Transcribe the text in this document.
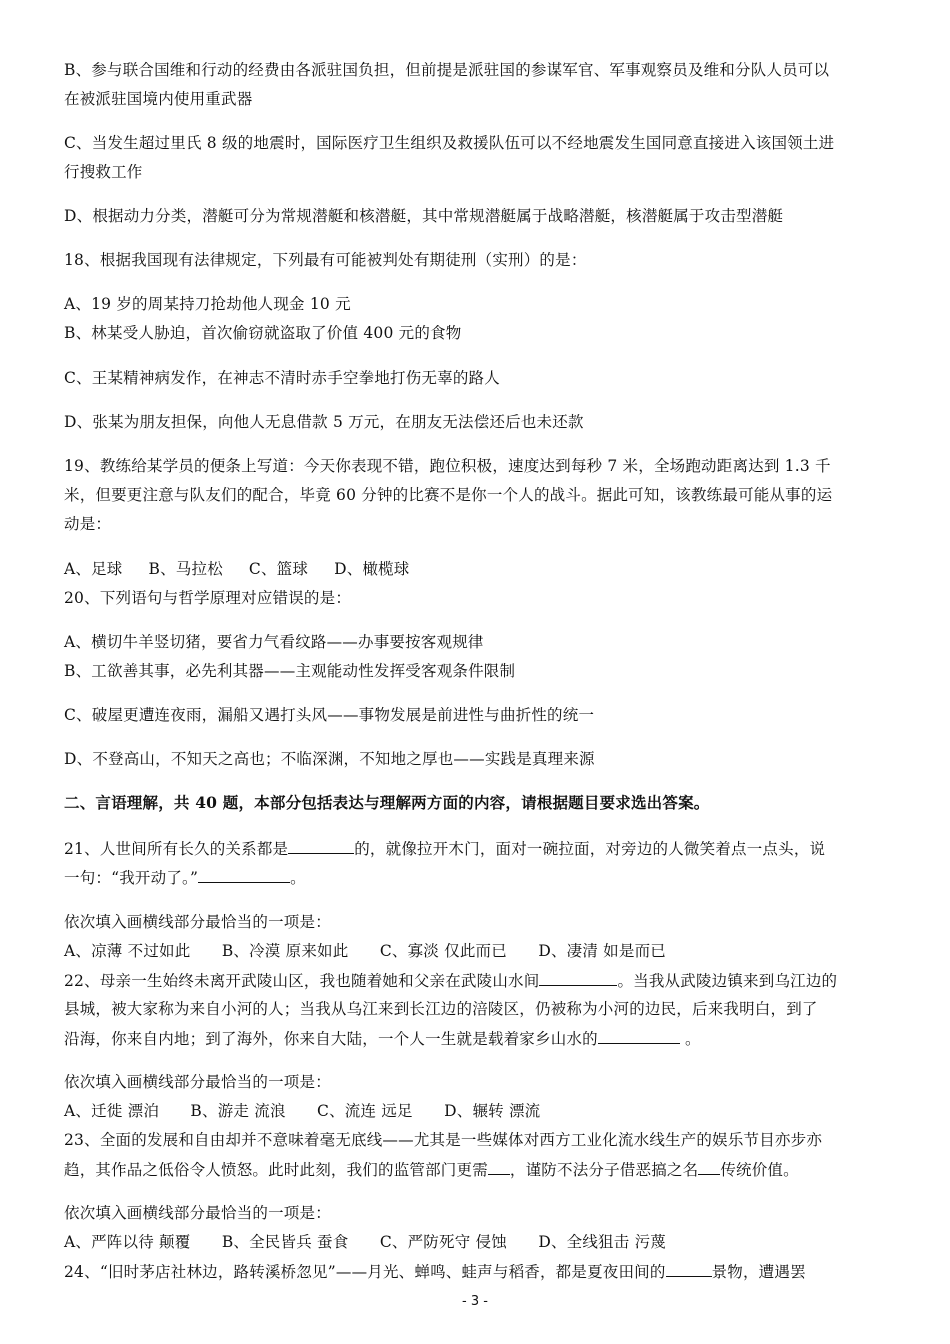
B、参与联合国维和行动的经费由各派驻国负担，但前提是派驻国的参谋军官、军事观察员及维和分队人员可以

在被派驻国境内使用重武器

C、当发生超过里氏 8 级的地震时，国际医疗卫生组织及救援队伍可以不经地震发生国同意直接进入该国领土进

行搜救工作

D、根据动力分类，潜艇可分为常规潜艇和核潜艇，其中常规潜艇属于战略潜艇，核潜艇属于攻击型潜艇

18、根据我国现有法律规定，下列最有可能被判处有期徒刑（实刑）的是：

A、19 岁的周某持刀抢劫他人现金 10 元

B、林某受人胁迫，首次偷窃就盗取了价值 400 元的食物

C、王某精神病发作，在神志不清时赤手空拳地打伤无辜的路人

D、张某为朋友担保，向他人无息借款 5 万元，在朋友无法偿还后也未还款

19、教练给某学员的便条上写道：今天你表现不错，跑位积极，速度达到每秒 7 米，全场跑动距离达到 1.3 千

米，但要更注意与队友们的配合，毕竟 60 分钟的比赛不是你一个人的战斗。据此可知，该教练最可能从事的运

动是：

A、足球 B、马拉松 C、篮球 D、橄榄球

20、下列语句与哲学原理对应错误的是：

A、横切牛羊竖切猪，要省力气看纹路——办事要按客观规律

B、工欲善其事，必先利其器——主观能动性发挥受客观条件限制

C、破屋更遭连夜雨，漏船又遇打头风——事物发展是前进性与曲折性的统一

D、不登高山，不知天之高也；不临深渊，不知地之厚也——实践是真理来源

二、言语理解，共 40 题，本部分包括表达与理解两方面的内容，请根据题目要求选出答案。

21、人世间所有长久的关系都是	的，就像拉开木门，面对一碗拉面，对旁边的人微笑着点一点头，说

一句：“我开动了。”	。

依次填入画横线部分最恰当的一项是：

A、凉薄 不过如此　　B、冷漠 原来如此　　C、寡淡 仅此而已　　D、凄清 如是而已

22、母亲一生始终未离开武陵山区，我也随着她和父亲在武陵山水间	。当我从武陵边镇来到乌江边的

县城，被大家称为来自小河的人；当我从乌江来到长江边的涪陵区，仍被称为小河的边民，后来我明白，到了

沿海，你来自内地；到了海外，你来自大陆，一个人一生就是载着家乡山水的	。

依次填入画横线部分最恰当的一项是：

A、迁徙 漂泊　　B、游走 流浪　　C、流连 远足　　D、辗转 漂流

23、全面的发展和自由却并不意味着毫无底线——尤其是一些媒体对西方工业化流水线生产的娱乐节目亦步亦

趋，其作品之低俗令人愤怒。此时此刻，我们的监管部门更需 ，谨防不法分子借恶搞之名 传统价值。

依次填入画横线部分最恰当的一项是：

A、严阵以待 颠覆　　B、全民皆兵 蚕食　　C、严防死守 侵蚀　　D、全线狙击 污蔑

24、“旧时茅店社林边，路转溪桥忽见”——月光、蝉鸣、蛙声与稻香，都是夏夜田间的	景物，遭遇罢

- 3 -
